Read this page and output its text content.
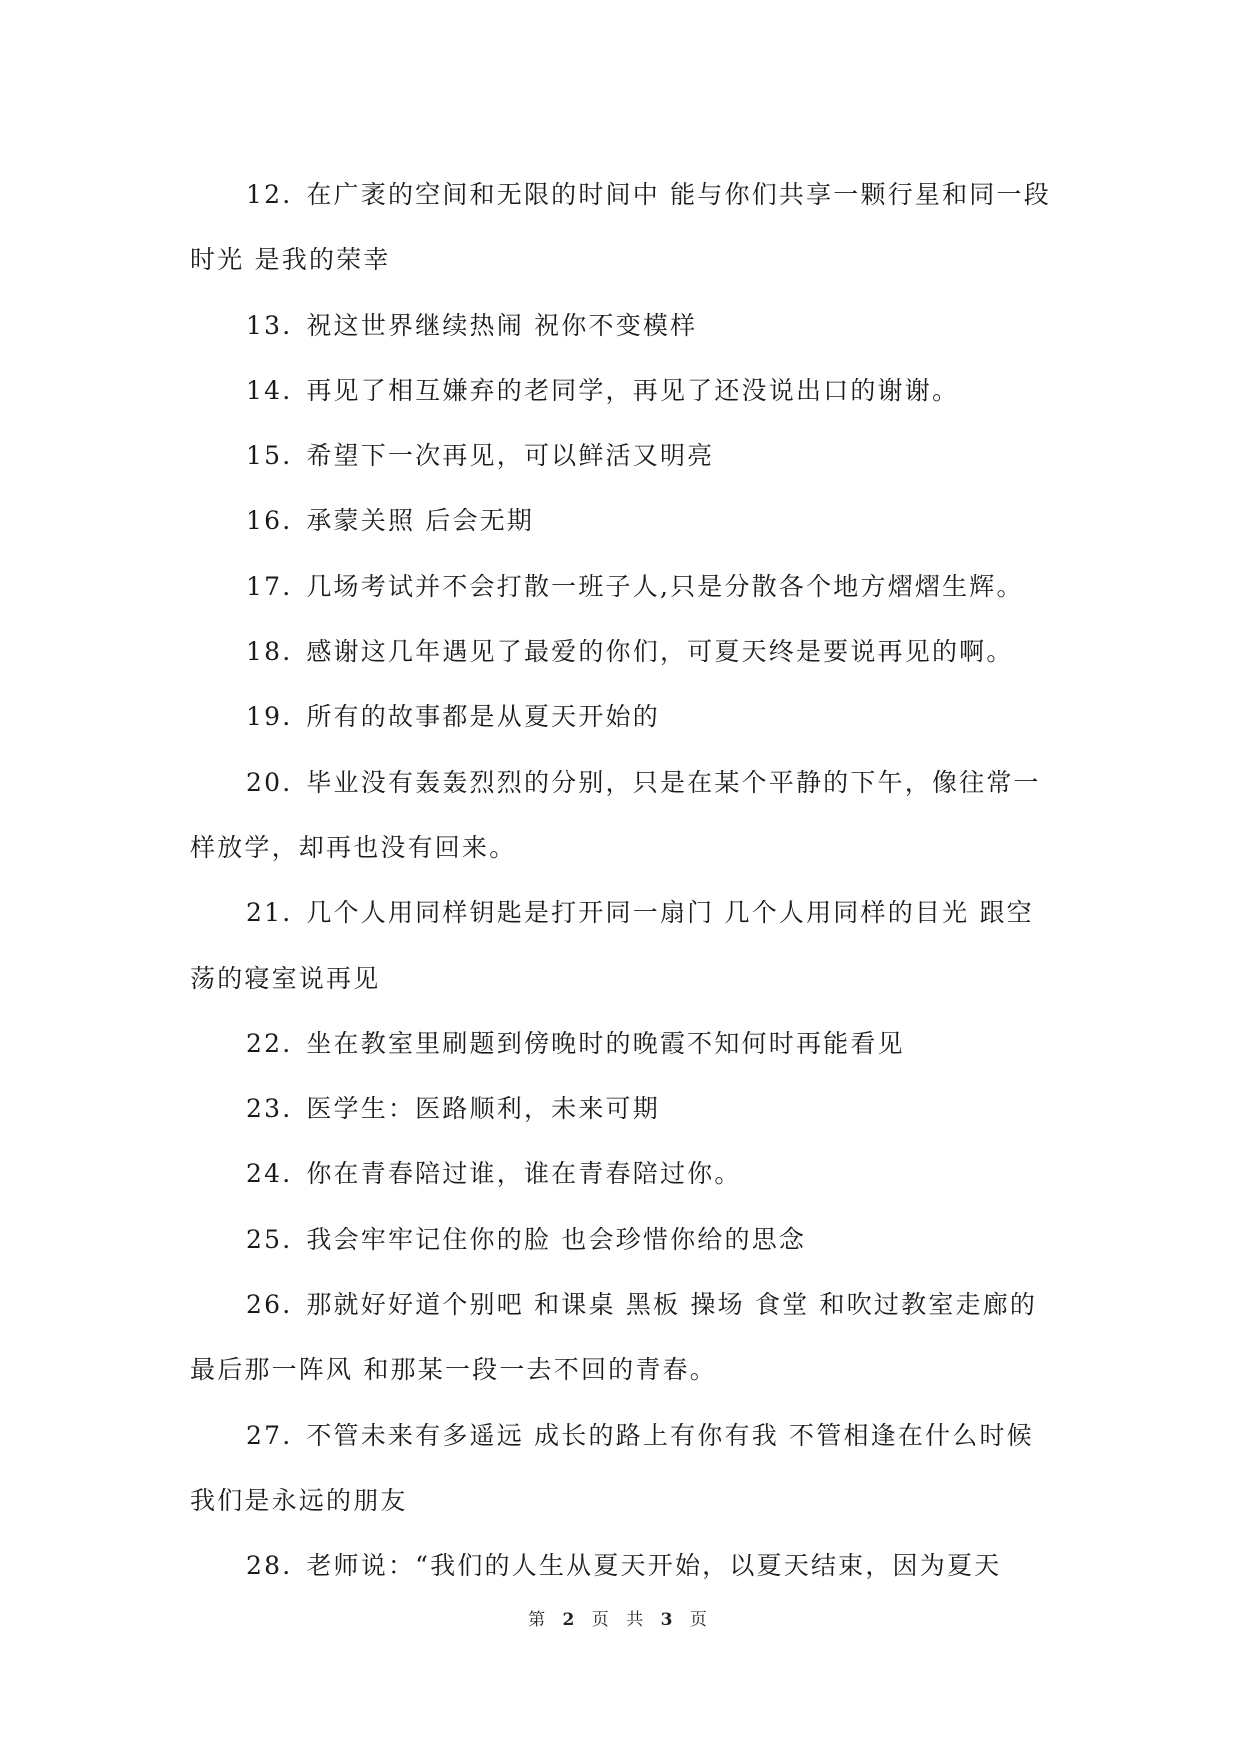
12. 在广袤的空间和无限的时间中 能与你们共享一颗行星和同一段时光 是我的荣幸

13. 祝这世界继续热闹 祝你不变模样

14. 再见了相互嫌弃的老同学，再见了还没说出口的谢谢。

15. 希望下一次再见，可以鲜活又明亮

16. 承蒙关照 后会无期

17. 几场考试并不会打散一班子人,只是分散各个地方熠熠生辉。

18. 感谢这几年遇见了最爱的你们，可夏天终是要说再见的啊。

19. 所有的故事都是从夏天开始的

20. 毕业没有轰轰烈烈的分别，只是在某个平静的下午，像往常一样放学，却再也没有回来。

21. 几个人用同样钥匙是打开同一扇门 几个人用同样的目光 跟空荡的寝室说再见

22. 坐在教室里刷题到傍晚时的晚霞不知何时再能看见

23. 医学生：医路顺利，未来可期

24. 你在青春陪过谁，谁在青春陪过你。

25. 我会牢牢记住你的脸 也会珍惜你给的思念

26. 那就好好道个别吧 和课桌 黑板 操场 食堂 和吹过教室走廊的最后那一阵风 和那某一段一去不回的青春。

27. 不管未来有多遥远 成长的路上有你有我 不管相逢在什么时候 我们是永远的朋友

28. 老师说：“我们的人生从夏天开始，以夏天结束，因为夏天

第 2 页 共 3 页
